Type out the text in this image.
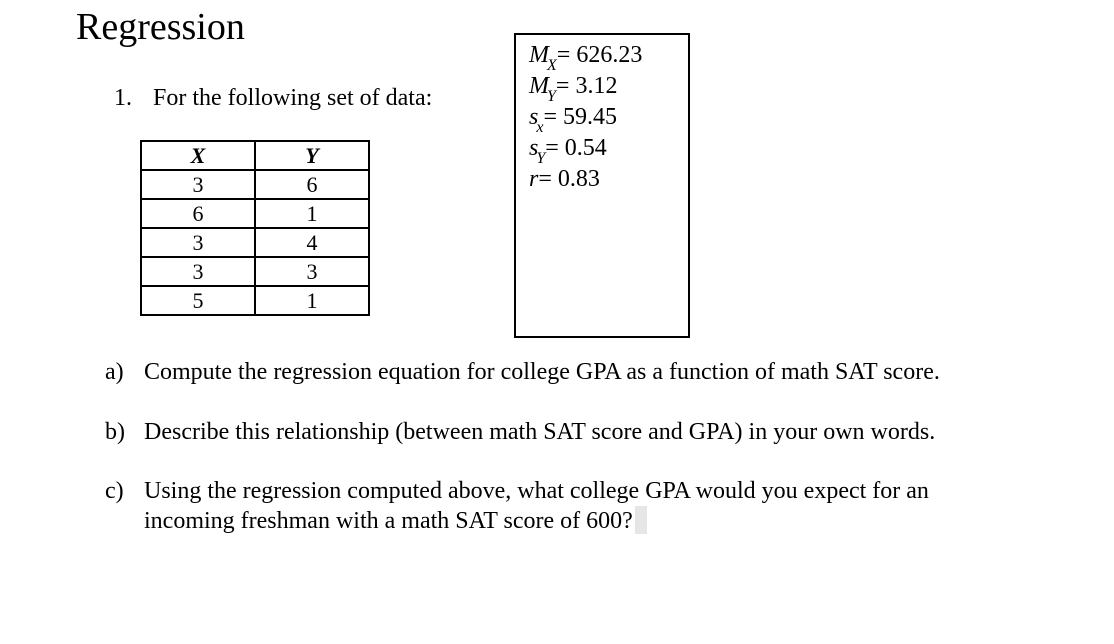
Regression
1. For the following set of data:
X	Y
3	6
6	1
3	4
3	3
5	1
$M_X= 626.23$
$M_Y= 3.12$
$s_x= 59.45$
$s_Y= 0.54$
r= 0.83
a) Compute the regression equation for college GPA as a function of math SAT score.
b) Describe this relationship (between math SAT score and GPA) in your own words.
c) Using the regression computed above, what college GPA would you expect for an
incoming freshman with a math SAT score of 600?
